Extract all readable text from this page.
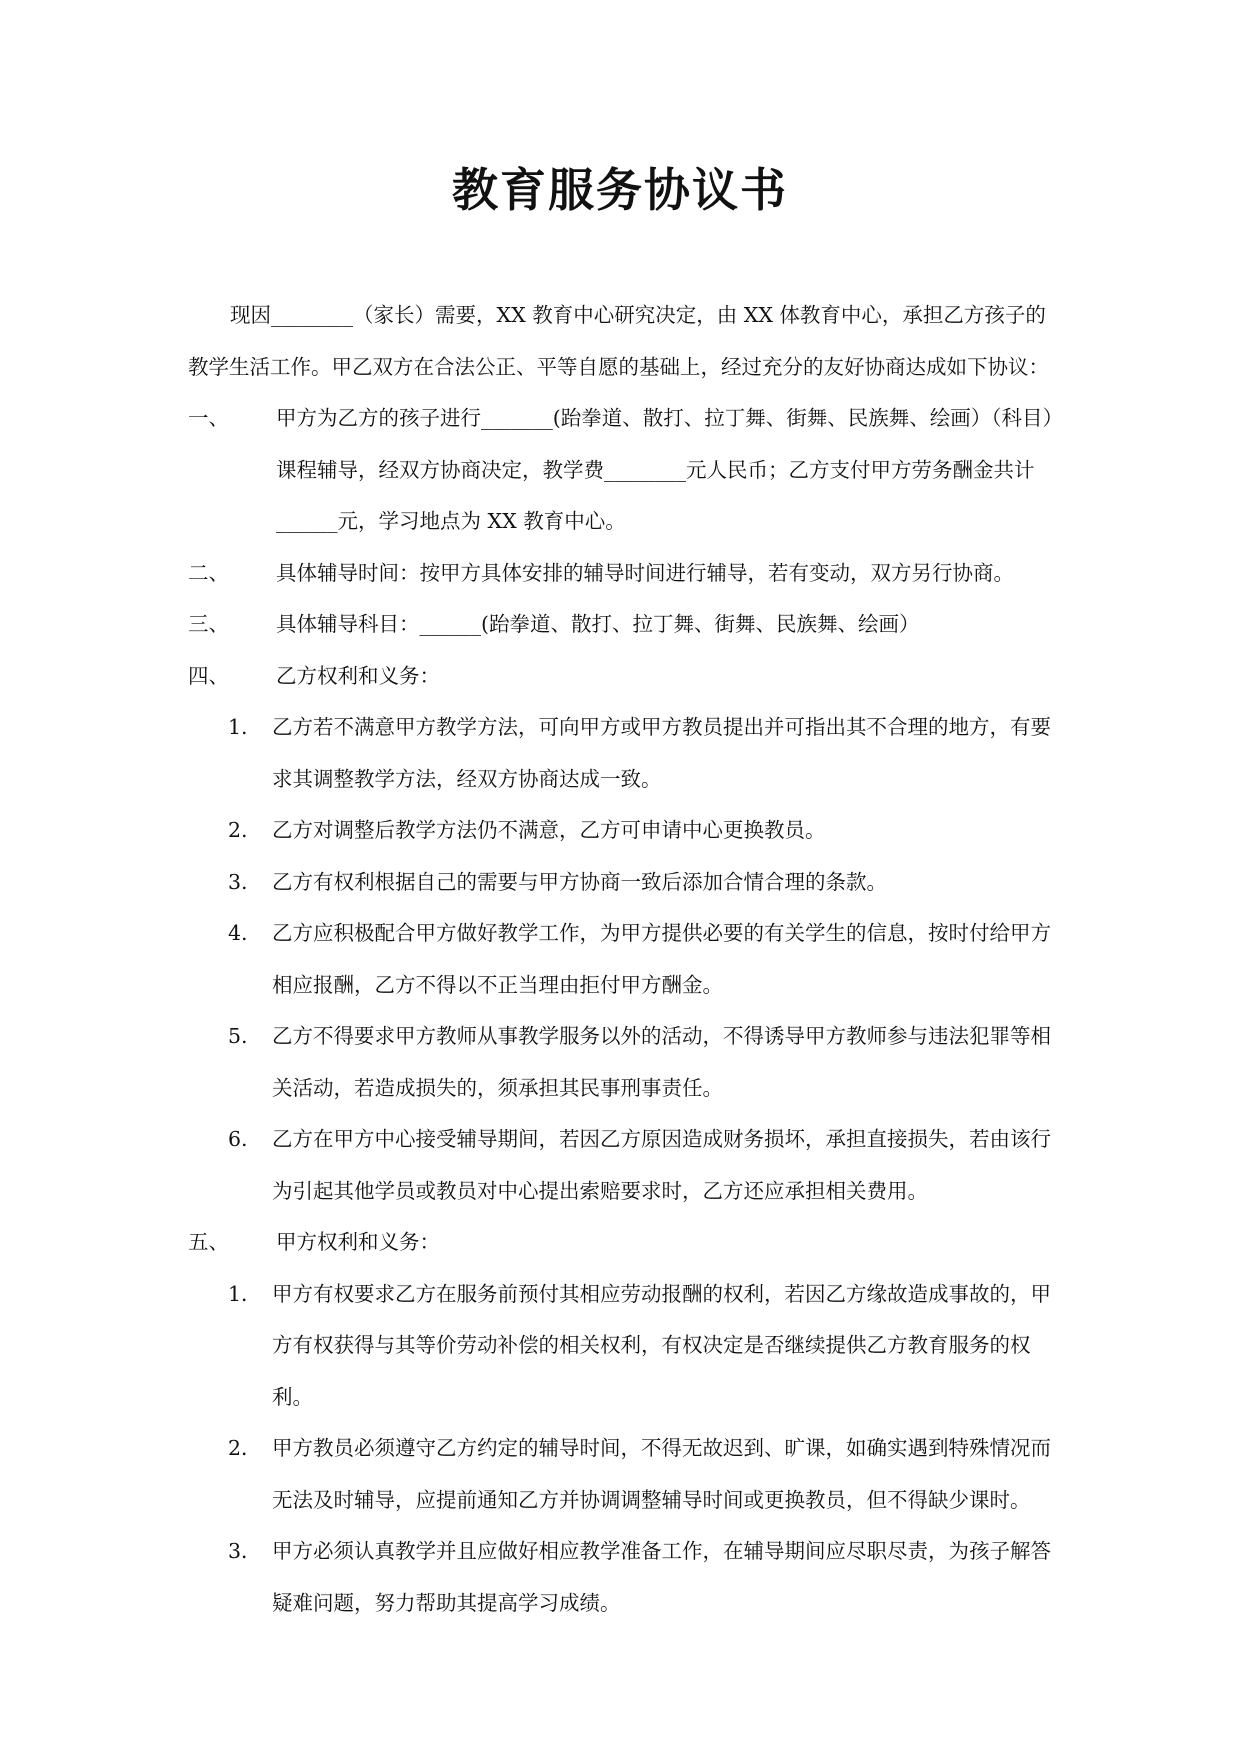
教育服务协议书

现因________（家长）需要，XX 教育中心研究决定，由 XX 体教育中心，承担乙方孩子的教学生活工作。甲乙双方在合法公正、平等自愿的基础上，经过充分的友好协商达成如下协议：

一、	甲方为乙方的孩子进行_______(跆拳道、散打、拉丁舞、街舞、民族舞、绘画）（科目）课程辅导，经双方协商决定，教学费________元人民币；乙方支付甲方劳务酬金共计______元，学习地点为 XX 教育中心。

二、	具体辅导时间：按甲方具体安排的辅导时间进行辅导，若有变动，双方另行协商。

三、	具体辅导科目：______(跆拳道、散打、拉丁舞、街舞、民族舞、绘画）

四、	乙方权利和义务：

1.	乙方若不满意甲方教学方法，可向甲方或甲方教员提出并可指出其不合理的地方，有要求其调整教学方法，经双方协商达成一致。

2.	乙方对调整后教学方法仍不满意，乙方可申请中心更换教员。

3.	乙方有权利根据自己的需要与甲方协商一致后添加合情合理的条款。

4.	乙方应积极配合甲方做好教学工作，为甲方提供必要的有关学生的信息，按时付给甲方相应报酬，乙方不得以不正当理由拒付甲方酬金。

5.	乙方不得要求甲方教师从事教学服务以外的活动，不得诱导甲方教师参与违法犯罪等相关活动，若造成损失的，须承担其民事刑事责任。

6.	乙方在甲方中心接受辅导期间，若因乙方原因造成财务损坏，承担直接损失，若由该行为引起其他学员或教员对中心提出索赔要求时，乙方还应承担相关费用。

五、	甲方权利和义务：

1． 甲方有权要求乙方在服务前预付其相应劳动报酬的权利，若因乙方缘故造成事故的，甲方有权获得与其等价劳动补偿的相关权利，有权决定是否继续提供乙方教育服务的权利。

2． 甲方教员必须遵守乙方约定的辅导时间，不得无故迟到、旷课，如确实遇到特殊情况而无法及时辅导，应提前通知乙方并协调调整辅导时间或更换教员，但不得缺少课时。

3． 甲方必须认真教学并且应做好相应教学准备工作，在辅导期间应尽职尽责，为孩子解答疑难问题，努力帮助其提高学习成绩。
